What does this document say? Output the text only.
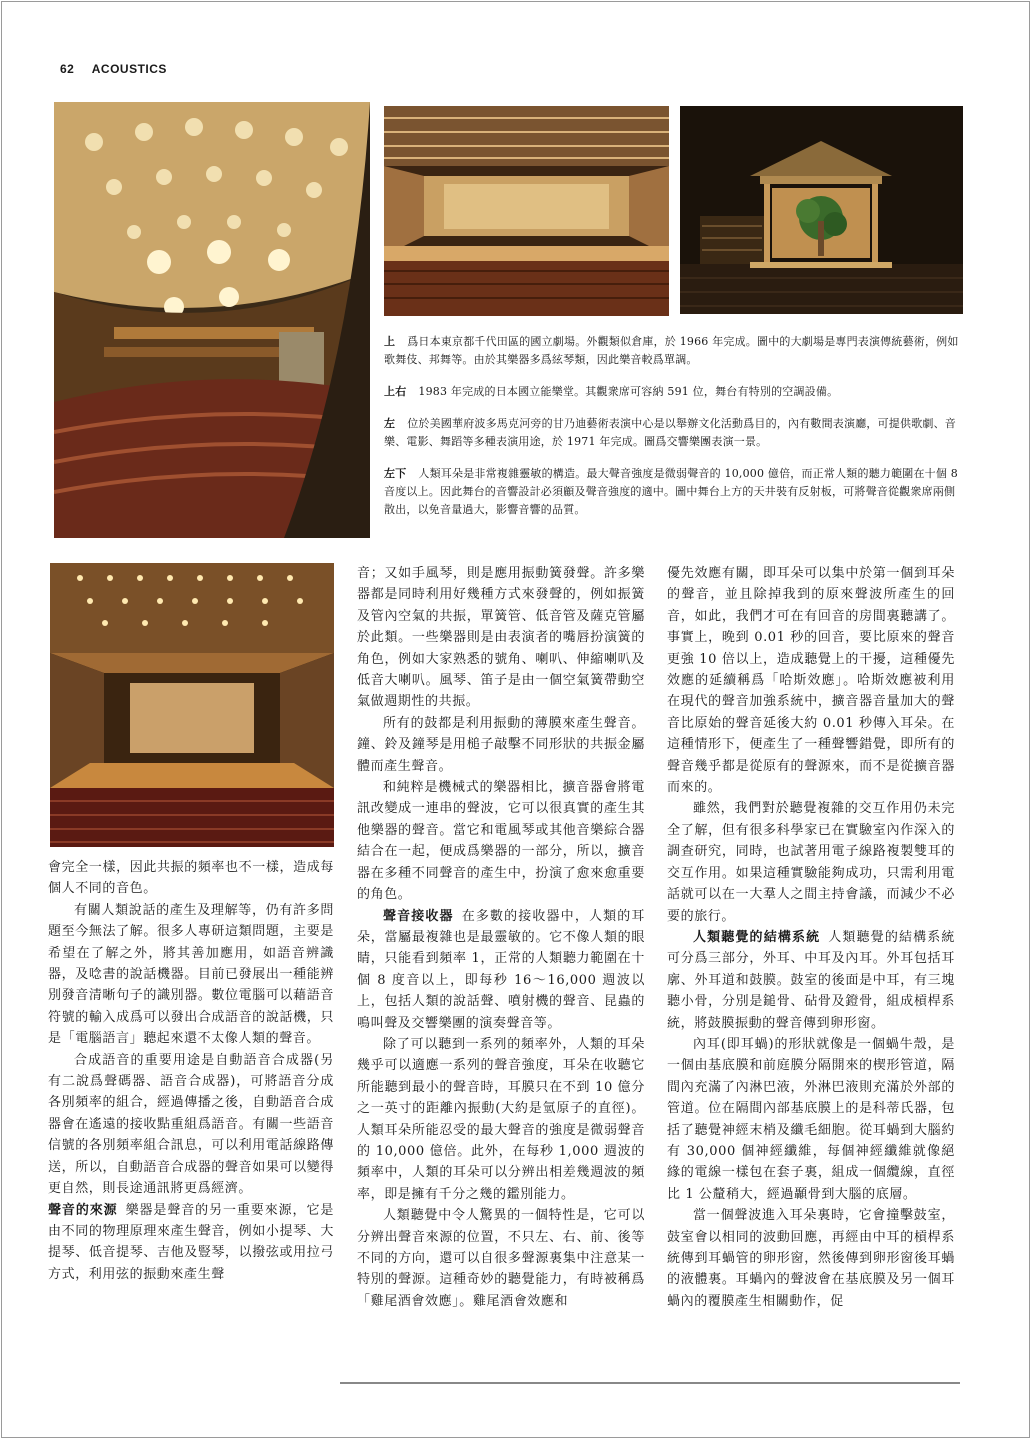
62 ACOUSTICS

上 爲日本東京都千代田區的國立劇場。外觀類似倉庫，於 1966 年完成。圖中的大劇場是專門表演傳統藝術，例如歌舞伎、邦舞等。由於其樂器多爲絃琴類，因此樂音較爲單調。

上右 1983 年完成的日本國立能樂堂。其觀衆席可容納 591 位，舞台有特別的空調設備。

左 位於美國華府波多馬克河旁的甘乃迪藝術表演中心是以舉辦文化活動爲目的，內有數間表演廳，可提供歌劇、音樂、電影、舞蹈等多種表演用途，於 1971 年完成。圖爲交響樂團表演一景。

左下 人類耳朵是非常複雜靈敏的構造。最大聲音強度是微弱聲音的 10,000 億倍，而正常人類的聽力範圍在十個 8 音度以上。因此舞台的音響設計必須顧及聲音強度的適中。圖中舞台上方的天井裝有反射板，可將聲音從觀衆席兩側散出，以免音量過大，影響音響的品質。

會完全一樣，因此共振的頻率也不一樣，造成每個人不同的音色。

有關人類說話的產生及理解等，仍有許多問題至今無法了解。很多人專研這類問題，主要是希望在了解之外，將其善加應用，如語音辨識器，及唸書的說話機器。目前已發展出一種能辨別發音清晰句子的識別器。數位電腦可以藉語音符號的輸入成爲可以發出合成語音的說話機，只是「電腦語言」聽起來還不太像人類的聲音。

合成語音的重要用途是自動語音合成器(另有二說爲聲碼器、語音合成器)，可將語音分成各別頻率的組合，經過傳播之後，自動語音合成器會在遙遠的接收點重組爲語音。有關一些語音信號的各別頻率組合訊息，可以利用電話線路傳送，所以，自動語音合成器的聲音如果可以變得更自然，則長途通訊將更爲經濟。

聲音的來源 樂器是聲音的另一重要來源，它是由不同的物理原理來產生聲音，例如小提琴、大提琴、低音提琴、吉他及豎琴，以撥弦或用拉弓方式，利用弦的振動來產生聲

音；又如手風琴，則是應用振動簧發聲。許多樂器都是同時利用好幾種方式來發聲的，例如振簧及管內空氣的共振，單簧管、低音管及薩克管屬於此類。一些樂器則是由表演者的嘴唇扮演簧的角色，例如大家熟悉的號角、喇叭、伸縮喇叭及低音大喇叭。風琴、笛子是由一個空氣簧帶動空氣做週期性的共振。

所有的鼓都是利用振動的薄膜來產生聲音。鐘、鈴及鐘琴是用槌子敲擊不同形狀的共振金屬體而產生聲音。

和純粹是機械式的樂器相比，擴音器會將電訊改變成一連串的聲波，它可以很真實的產生其他樂器的聲音。當它和電風琴或其他音樂綜合器結合在一起，便成爲樂器的一部分，所以，擴音器在多種不同聲音的產生中，扮演了愈來愈重要的角色。

聲音接收器 在多數的接收器中，人類的耳朵，當屬最複雜也是最靈敏的。它不像人類的眼睛，只能看到頻率 1，正常的人類聽力範圍在十個 8 度音以上，即每秒 16～16,000 週波以上，包括人類的說話聲、噴射機的聲音、昆蟲的鳴叫聲及交響樂團的演奏聲音等。

除了可以聽到一系列的頻率外，人類的耳朵幾乎可以適應一系列的聲音強度，耳朵在收聽它所能聽到最小的聲音時，耳膜只在不到 10 億分之一英寸的距離內振動(大約是氫原子的直徑)。人類耳朵所能忍受的最大聲音的強度是微弱聲音的 10,000 億倍。此外，在每秒 1,000 週波的頻率中，人類的耳朵可以分辨出相差幾週波的頻率，即是擁有千分之幾的鑑別能力。

人類聽覺中令人驚異的一個特性是，它可以分辨出聲音來源的位置，不只左、右、前、後等不同的方向，還可以自很多聲源裏集中注意某一特別的聲源。這種奇妙的聽覺能力，有時被稱爲「雞尾酒會效應」。雞尾酒會效應和

優先效應有關，即耳朵可以集中於第一個到耳朵的聲音，並且除掉我到的原來聲波所產生的回音，如此，我們才可在有回音的房間裏聽講了。事實上，晚到 0.01 秒的回音，要比原來的聲音更強 10 倍以上，造成聽覺上的干擾，這種優先效應的延續稱爲「哈斯效應」。哈斯效應被利用在現代的聲音加強系統中，擴音器音量加大的聲音比原始的聲音延後大約 0.01 秒傳入耳朵。在這種情形下，便產生了一種聲響錯覺，即所有的聲音幾乎都是從原有的聲源來，而不是從擴音器而來的。

雖然，我們對於聽覺複雜的交互作用仍未完全了解，但有很多科學家已在實驗室內作深入的調查研究，同時，也試著用電子線路複製雙耳的交互作用。如果這種實驗能夠成功，只需利用電話就可以在一大羣人之間主持會議，而減少不必要的旅行。

人類聽覺的結構系統 人類聽覺的結構系統可分爲三部分，外耳、中耳及內耳。外耳包括耳廓、外耳道和鼓膜。鼓室的後面是中耳，有三塊聽小骨，分別是鎚骨、砧骨及鐙骨，組成槓桿系統，將鼓膜振動的聲音傳到卵形窗。

內耳(即耳蝸)的形狀就像是一個蝸牛殼，是一個由基底膜和前庭膜分隔開來的楔形管道，隔間內充滿了內淋巴液，外淋巴液則充滿於外部的管道。位在隔間內部基底膜上的是科蒂氏器，包括了聽覺神經末梢及纖毛細胞。從耳蝸到大腦約有 30,000 個神經纖維，每個神經纖維就像絕緣的電線一樣包在套子裏，組成一個纜線，直徑比 1 公釐稍大，經過顳骨到大腦的底層。

當一個聲波進入耳朵裏時，它會撞擊鼓室，鼓室會以相同的波動回應，再經由中耳的槓桿系統傳到耳蝸管的卵形窗，然後傳到卵形窗後耳蝸的液體裏。耳蝸內的聲波會在基底膜及另一個耳蝸內的覆膜產生相關動作，促
